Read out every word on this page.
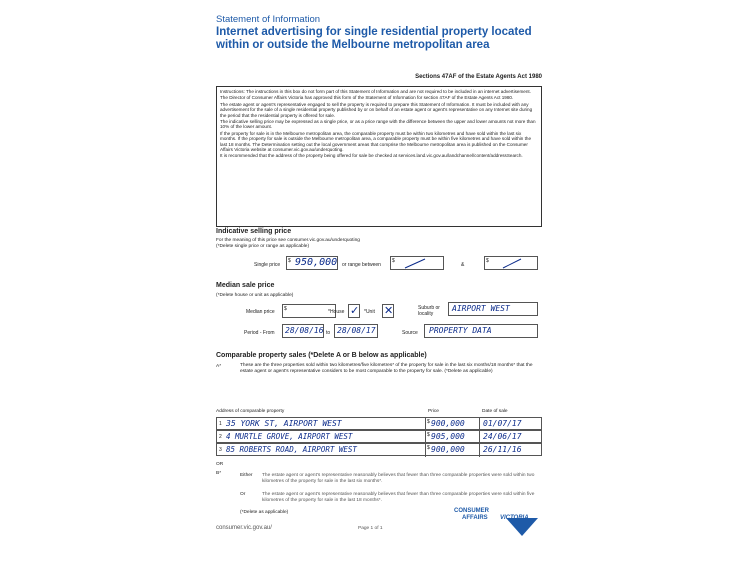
Statement of Information
Internet advertising for single residential property located within or outside the Melbourne metropolitan area
Sections 47AF of the Estate Agents Act 1980

Instructions: The instructions in this box do not form part of this Statement of Information and are not required to be included in an internet advertisement.

The Director of Consumer Affairs Victoria has approved this form of the Statement of Information for section 47AF of the Estate Agents Act 1980.

The estate agent or agent's representative engaged to sell the property is required to prepare this Statement of Information. It must be included with any advertisement for the sale of a single residential property published by or on behalf of an estate agent or agent's representative on any Internet site during the period that the residential property is offered for sale.

The indicative selling price may be expressed as a single price, or as a price range with the difference between the upper and lower amounts not more than 10% of the lower amount.

If the property for sale is in the Melbourne metropolitan area, the comparable property must be within two kilometres and have sold within the last six months. If the property for sale is outside the Melbourne metropolitan area, a comparable property must be within five kilometres and have sold within the last 18 months. The Determination setting out the local government areas that comprise the Melbourne metropolitan area is published on the Consumer Affairs Victoria website at consumer.vic.gov.au/underquoting.

It is recommended that the address of the property being offered for sale be checked at services.land.vic.gov.au/landchannel/content/addressSearch.

Indicative selling price
For the meaning of this price see consumer.vic.gov.au/underquoting
(*Delete single price or range as applicable)
Single price
$ 950,000 or range between
$
&
$
Median sale price
(*Delete house or unit as applicable)
Median price $	*House ✓ *Unit ✕	Suburb or locality
AIRPORT WEST
Period - From 28/08/16 to 28/08/17	Source PROPERTY DATA
Comparable property sales (*Delete A or B below as applicable)
A*	These are the three properties sold within two kilometres/five kilometres* of the property for sale in the last six months/18 months* that the estate agent or agent's representative considers to be most comparable to the property for sale. (*Delete as applicable)
Address of comparable property	Price	Date of sale
1 35 YORK ST, AIRPORT WEST	$ 900,000 01/07/17
2 4 MURTLE GROVE, AIRPORT WEST	$ 905,000 24/06/17
3 85 ROBERTS ROAD, AIRPORT WEST	$ 900,000 26/11/16
OR
B*	Either The estate agent or agent's representative reasonably believes that fewer than three comparable properties were sold within two kilometres of the property for sale in the last six months*.
Or	The estate agent or agent's representative reasonably believes that fewer than three comparable properties were sold within five kilometres of the property for sale in the last 18 months*.
(*Delete as applicable)	CONSUMER
AFFAIRS VICTORIA
consumer.vic.gov.au/	Page 1 of 1
